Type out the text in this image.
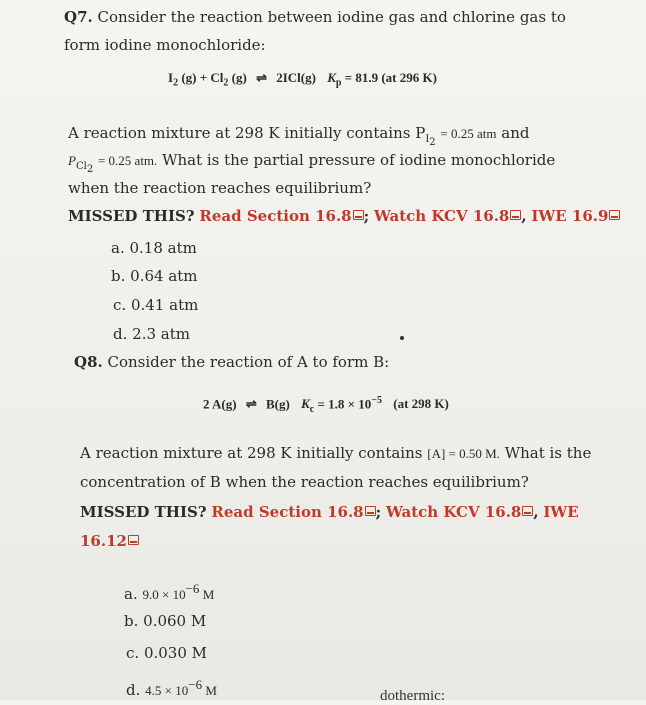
Q7. Consider the reaction between iodine gas and chlorine gas to
form iodine monochloride:
$I_2$ $(g) + Cl_2$ (g) ⇌ 2ICl(g) $K_p = 81.9$ (at 296 K)
A reaction mixture at 298 K initially contains $P_{I_2} = 0.25$ atm and
$P_{Cl_2} = 0.25$ atm. What is the partial pressure of iodine monochloride
when the reaction reaches equilibrium?
MISSED THIS? Read Section 16.8 ; Watch KCV 16.8 , IWE 16.9
a. 0.18 atm
b. 0.64 atm
c. 0.41 atm
d. 2.3 atm
Q8. Consider the reaction of A to form B:
2 A(g) ⇌ B(g) $K_c = 1.8 \times 10^{-5}$ (at 298 K)
A reaction mixture at 298 K initially contains [A] = 0.50 M. What is the
concentration of B when the reaction reaches equilibrium?
MISSED THIS? Read Section 16.8 ; Watch KCV 16.8 , IWE
16.12
a. $9.0 \times 10^{-6}$ M
b. 0.060 M
c. 0.030 M
d. $4.5 \times 10^{-6}$ M	dothermic:
